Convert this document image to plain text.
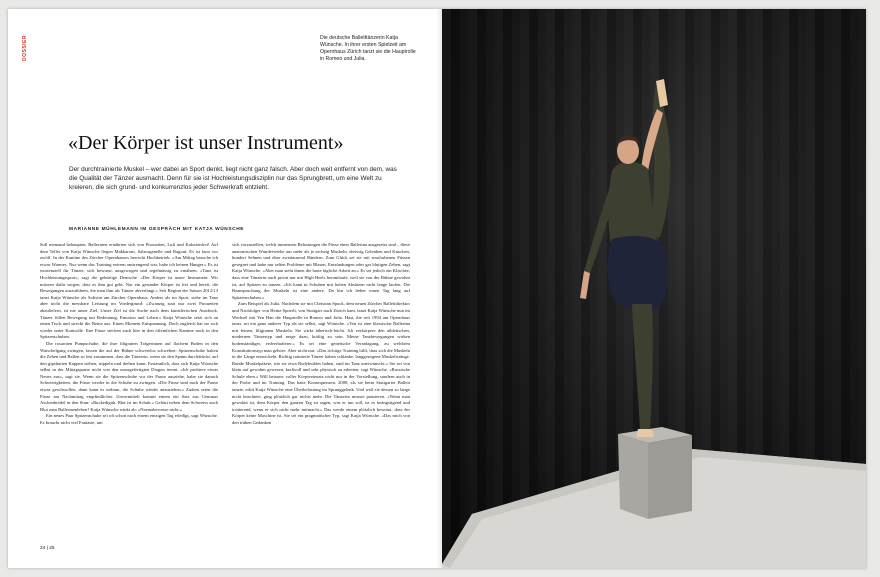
DOSSIER	Die deutsche Balletttänzerin Katja Wünsche. In ihrer ersten Spielzeit am Opernhaus Zürich tanzt sie die Hauptrolle in Romeo und Julia.
«Der Körper ist unser Instrument»
Der durchtrainierte Muskel – wer dabei an Sport denkt, liegt nicht ganz falsch. Aber doch weit entfernt von dem, was die Qualität der Tänzer ausmacht. Denn für sie ist Hochleistungsdisziplin nur das Sprungbrett, um eine Welt zu kreieren, die sich grund- und konkurrenzlos jeder Schwerkraft entzieht.
MARIANNE MÜHLEMANN IM GESPRÄCH MIT KATJA WÜNSCHE

Soll niemand behaupten, Ballerinen ernährten sich von Pirouetten, Luft und Kalorienfrei! Auf dem Teller von Katja Wünsche liegen Makkaroni, Salzorganelle und Ragout. Es ist kurz vor zwölf. In der Kantine des Zürcher Opernhauses herrscht Hochbetrieb. «Am Mittag brauche ich etwas Warmes. Nur wenn das Training extrem anstrengend war, habe ich keinen Hunger.» Es ist existenziell für Tänzer, sich bewusst, ausgewogen und regelmässig zu ernähren. «Tanz ist Hochleistungssport», sagt die gebürtige Deutsche. «Der Körper ist unser Instrument. Wir müssen dafür sorgen, dass es ihm gut geht. Nur ein gesunder Körper ist frei und bereit, die Bewegungen auszuführen, die man ihm als Tänzer abverlangt.» Seit Beginn der Saison 2012/13 tanzt Katja Wünsche als Solistin am Zürcher Opernhaus. Anders als im Sport, stehe im Tanz aber nicht die messbare Leistung im Vordergrund: «Zwanzig statt nur zwei Pirouetten abzuliefern, ist nie unser Ziel. Unser Ziel ist die Suche nach dem künstlerischen Ausdruck. Tänzer füllen Bewegung mit Bedeutung, Emotion und Leben.» Katja Wünsche setzt sich an einen Tisch und streckt die Beine aus. Einen Moment Entspannung. Doch zugleich hat sie sich wieder unter Kontrolle. Ihre Füsse stecken auch hier in den öffentlichen Kantine noch in den Spitzenschuhen.

Die rosaroten Pumpschuhe, die ihre filigranen Trägerinnen auf flachem Boden in den Watschelgang zwingen, lassen die auf der Bühne schwerelos schweben: Spitzenschuhe halten die Zehen und Ballen so fest zusammen, dass die Tänzerin, wenn sie den Spann durchdrückt, auf den gipsharten Kappen stehen, trippeln und drehen kann. Erstaunlich, dass sich Katja Wünsche selbst in der Mittagspause nicht von den massgefertigten Diagon trennt. «Ich probiere etwas Neues aus», sagt sie. Wenn sie die Spitzenschuhe vor der Pause ausziehe, habe sie danach Schwierigkeiten, die Füsse wieder in die Schuhe zu zwingen. «Die Füsse sind nach der Pause etwas geschwollen, dann kann es wehtun, die Schuhe wieder anzuziehen.» Zudem seien die Füsse am Nachmittag empfindlicher. Unvermittelt kommt einem ein Satz aus Gemmas Aschenbrödel in den Sinn: «Ruckediguh, Blut ist im Schuh.» Gehört neben dem Schweiss auch Blut zum Ballerinenleben? Katja Wünsche winkt ab: «Normalerweise nicht.»

Ein neues Paar Spitzenschuhe sei oft schon nach einem einzigen Tag erledigt, sagt Wünsche. Es braucht nicht viel Fantasie, um

sich vorzustellen, welch immensen Belastungen die Füsse einer Ballerina ausgesetzt sind – diese anatomischen Wunderwerke aus mehr als je sechzig Muskeln, dreissig Gelenken und Knochen, hundert Sehnen und über zweitausend Bändern. Zum Glück sei sie mit rosafarbenen Füssen gesegnet und habe nur selten Probleme mit Blasen, Entzündungen oder gar blutigen Zehen, sagt Katja Wünsche. «Aber man sieht ihnen die harte tägliche Arbeit an.» Es sei jedoch ein Klischee, dass eine Tänzerin auch privat nur mit High Heels herumlaufe, weil sie von der Bühne gewohnt ist, auf Spitzen zu tanzen. «Ich kann in Schuhen mit hohen Absätzen nicht lange laufen. Die Beanspruchung der Muskeln ist eine andere. Da bin ich lieber einen Tag lang auf Spitzenschuhen.»

Zum Beispiel als Julia. Nachdem sie mit Christian Spuck, dem neuen Zürcher Ballettdirektor und Nachfolger von Heinz Spoerli, von Stuttgart nach Zürich kam, tanzt Katja Wünsche nun im Wechsel mit Yen Han die Hauptrolle in Romeo und Julia. Hast, die seit 1994 am Opernhaus tanzt, sei ein ganz anderer Typ als sie selbst, sagt Wünsche. «Yen ist eine klassische Ballerina mit feinen, filigranen Muskeln. Sie wirkt ätherisch-leicht. Ich verkörpere den athletischen, modernen Tänzertyp und neige dazu, kräftig zu sein. Meine Tanzbewegungen wirken bodenständiger, erdverhafteter.» Es sei eine genetische Veranlagung, zu welchem Konstitutionstyp man gehöre. Aber nicht nur: «Das richtige Training hilft, dass sich die Muskeln in die Länge entwickeln. Richtig trainierte Tänzer haben schlanke, langgezogene Muskelstränge. Runde Muskelpakete, wie sie etwa Bodybuilder haben, sind im Tanz unerwünscht.» Sie sei von klein auf gewohnt gewesen, kraftvoll und sehr physisch zu arbeiten, sagt Wünsche. «Russische Schule eben.» Will heissen: voller Körpereinsatz nicht nur in der Vorstellung, sondern auch in der Probe und im Training. Das hatte Konsequenzen. 2008, als sie beim Stuttgarter Ballett tanzte, erlitt Katja Wünsche eine Überbelastung im Sprunggelenk. Und weil sie dessen so lange nicht beachtete, ging plötzlich gar nichts mehr. Die Tänzerin musste pausieren. «Wenn man gewohnt ist, dem Körper den ganzen Tag zu sagen, was er tun soll, ist es beängstigend und irritierend, wenn er sich nicht mehr mitmacht.» Das werde einem plötzlich bewusst, dass der Körper keine Maschine ist. Sie sei ein pragmatischer Typ, sagt Katja Wünsche. «Das mich von den trüben Gedanken

24 | 25
